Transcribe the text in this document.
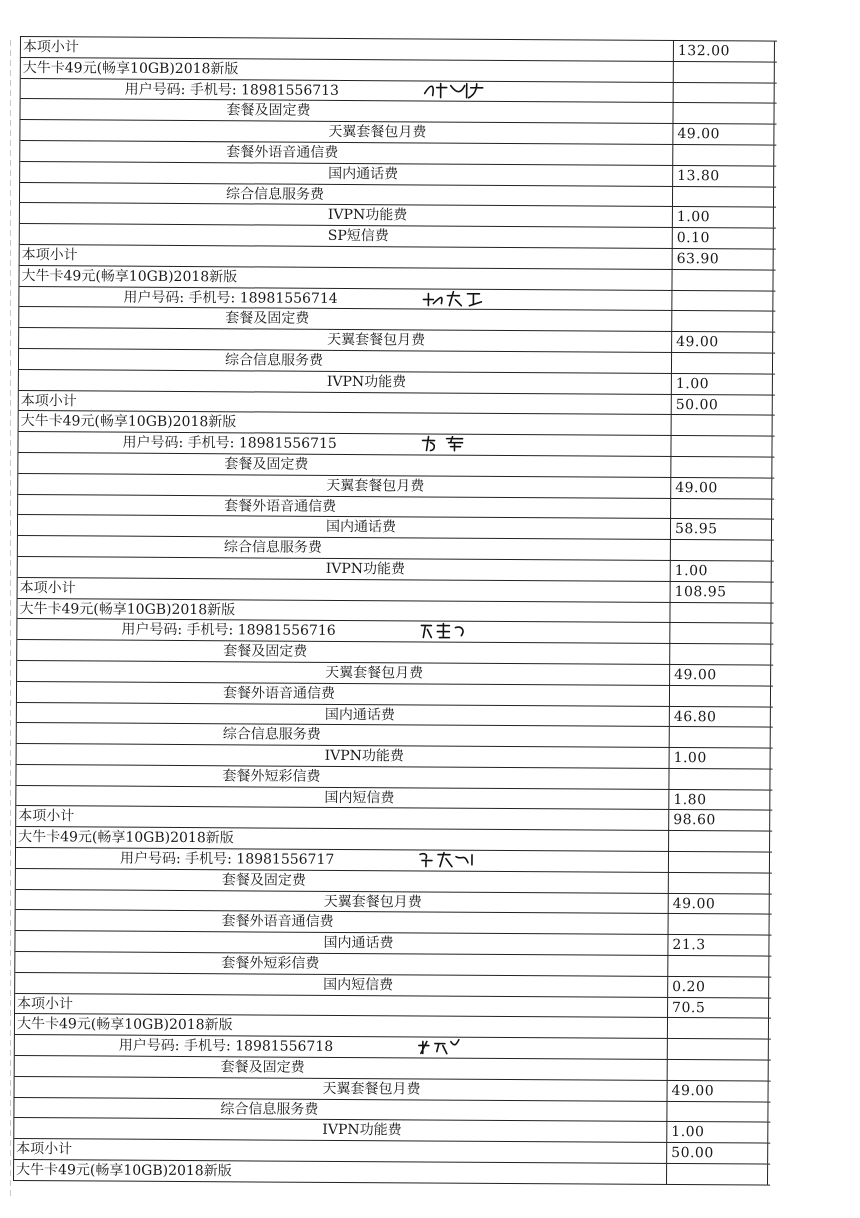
本项小计	132.00
大牛卡49元(畅享10GB)2018新版
用户号码: 手机号: 18981556713
套餐及固定费
天翼套餐包月费	49.00
套餐外语音通信费
国内通话费	13.80
综合信息服务费
IVPN功能费	1.00
SP短信费	0.10
本项小计	63.90
大牛卡49元(畅享10GB)2018新版
用户号码: 手机号: 18981556714
套餐及固定费
天翼套餐包月费	49.00
综合信息服务费
IVPN功能费	1.00
本项小计	50.00
大牛卡49元(畅享10GB)2018新版
用户号码: 手机号: 18981556715
套餐及固定费
天翼套餐包月费	49.00
套餐外语音通信费
国内通话费	58.95
综合信息服务费
IVPN功能费	1.00
本项小计	108.95
大牛卡49元(畅享10GB)2018新版
用户号码: 手机号: 18981556716
套餐及固定费
天翼套餐包月费	49.00
套餐外语音通信费
国内通话费	46.80
综合信息服务费
IVPN功能费	1.00
套餐外短彩信费
国内短信费	1.80
本项小计	98.60
大牛卡49元(畅享10GB)2018新版
用户号码: 手机号: 18981556717
套餐及固定费
天翼套餐包月费	49.00
套餐外语音通信费
国内通话费	21.3
套餐外短彩信费
国内短信费	0.20
本项小计	70.5
大牛卡49元(畅享10GB)2018新版
用户号码: 手机号: 18981556718
套餐及固定费
天翼套餐包月费	49.00
综合信息服务费
IVPN功能费	1.00
本项小计	50.00
大牛卡49元(畅享10GB)2018新版
